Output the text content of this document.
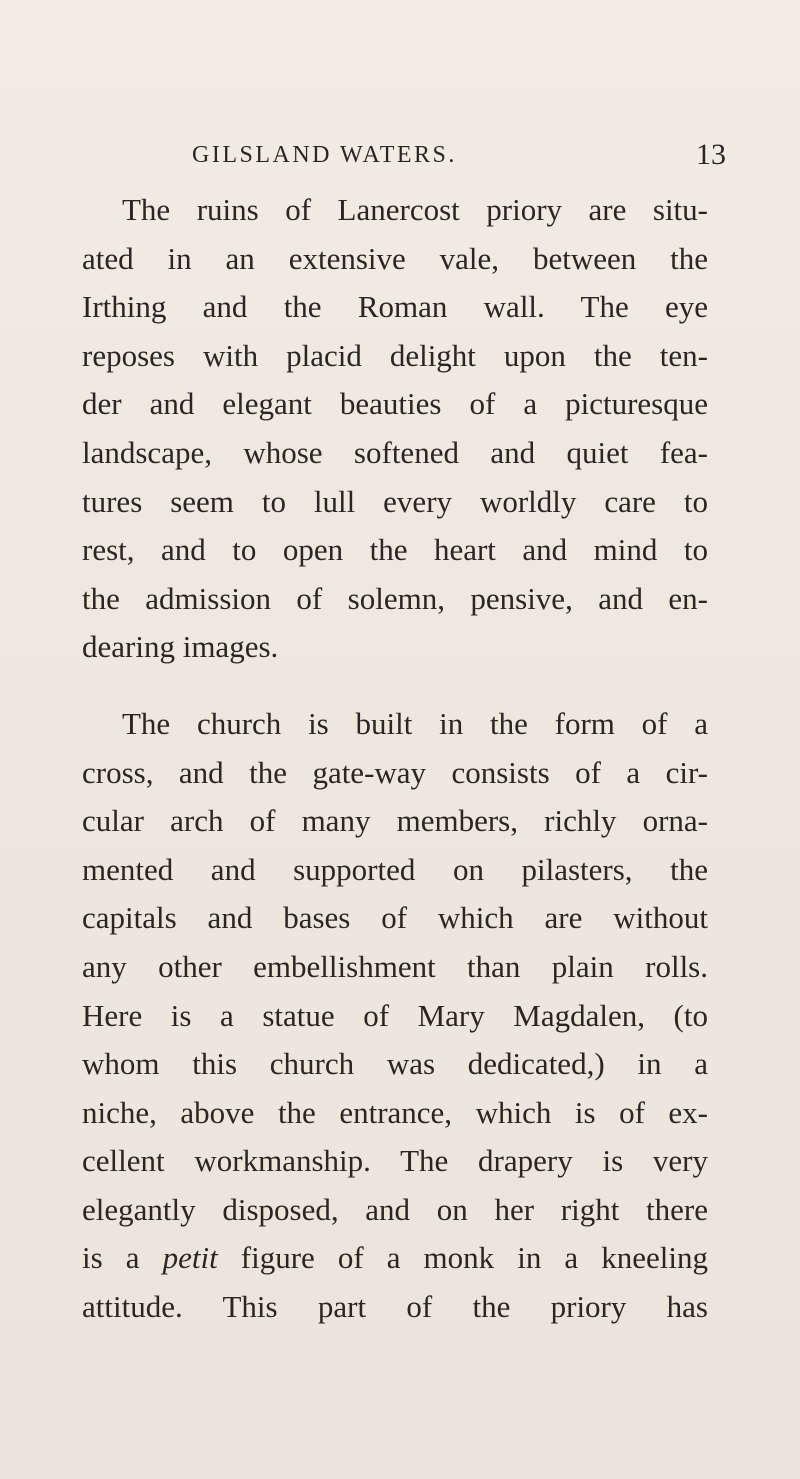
GILSLAND WATERS.	13

The ruins of Lanercost priory are situ-
ated in an extensive vale, between the
Irthing and the Roman wall. The eye
reposes with placid delight upon the ten-
der and elegant beauties of a picturesque
landscape, whose softened and quiet fea-
tures seem to lull every worldly care to
rest, and to open the heart and mind to
the admission of solemn, pensive, and en-
dearing images.

The church is built in the form of a
cross, and the gate-way consists of a cir-
cular arch of many members, richly orna-
mented and supported on pilasters, the
capitals and bases of which are without
any other embellishment than plain rolls.
Here is a statue of Mary Magdalen, (to
whom this church was dedicated,) in a
niche, above the entrance, which is of ex-
cellent workmanship. The drapery is very
elegantly disposed, and on her right there
is a petit figure of a monk in a kneeling
attitude. This part of the priory has
